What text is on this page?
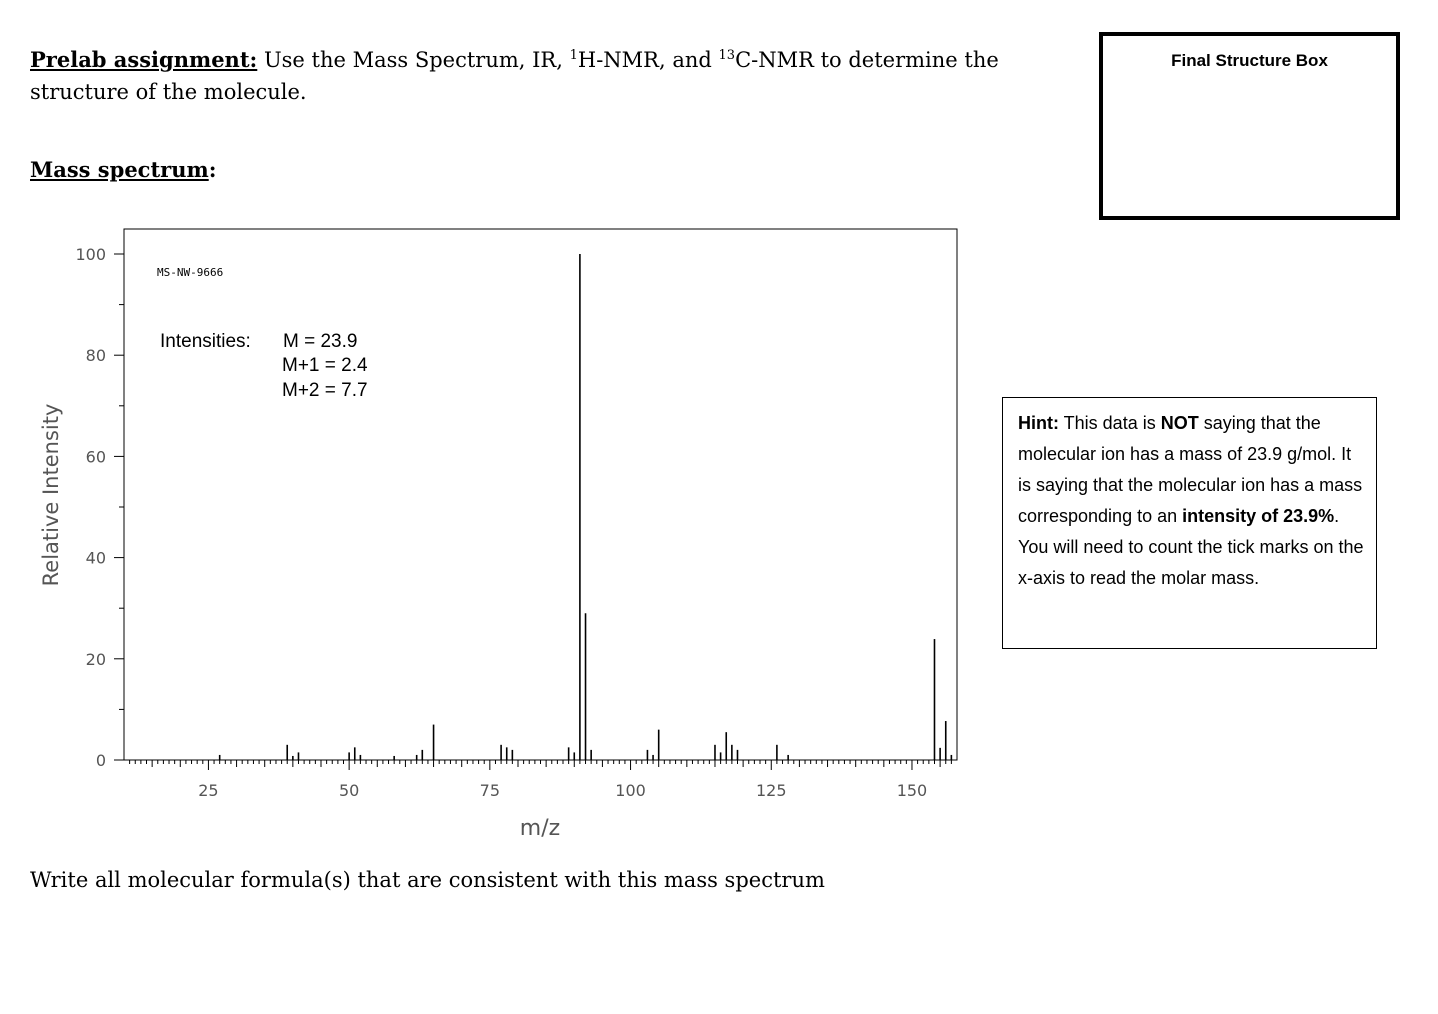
Prelab assignment: Use the Mass Spectrum, IR, $^1$H-NMR, and $^{13}$C-NMR to determine the structure of the molecule.
Mass spectrum:
Final Structure Box
Hint: This data is NOT saying that the molecular ion has a mass of 23.9 g/mol. It is saying that the molecular ion has a mass corresponding to an intensity of 23.9%. You will need to count the tick marks on the x-axis to read the molar mass.
0
20
40
60
80
100
25	50	75	100	125	150
MS-NW-9666
Intensities: M = 23.9
M+1 = 2.4
M+2 = 7.7
Relative Intensity
m/z
Write all molecular formula(s) that are consistent with this mass spectrum
